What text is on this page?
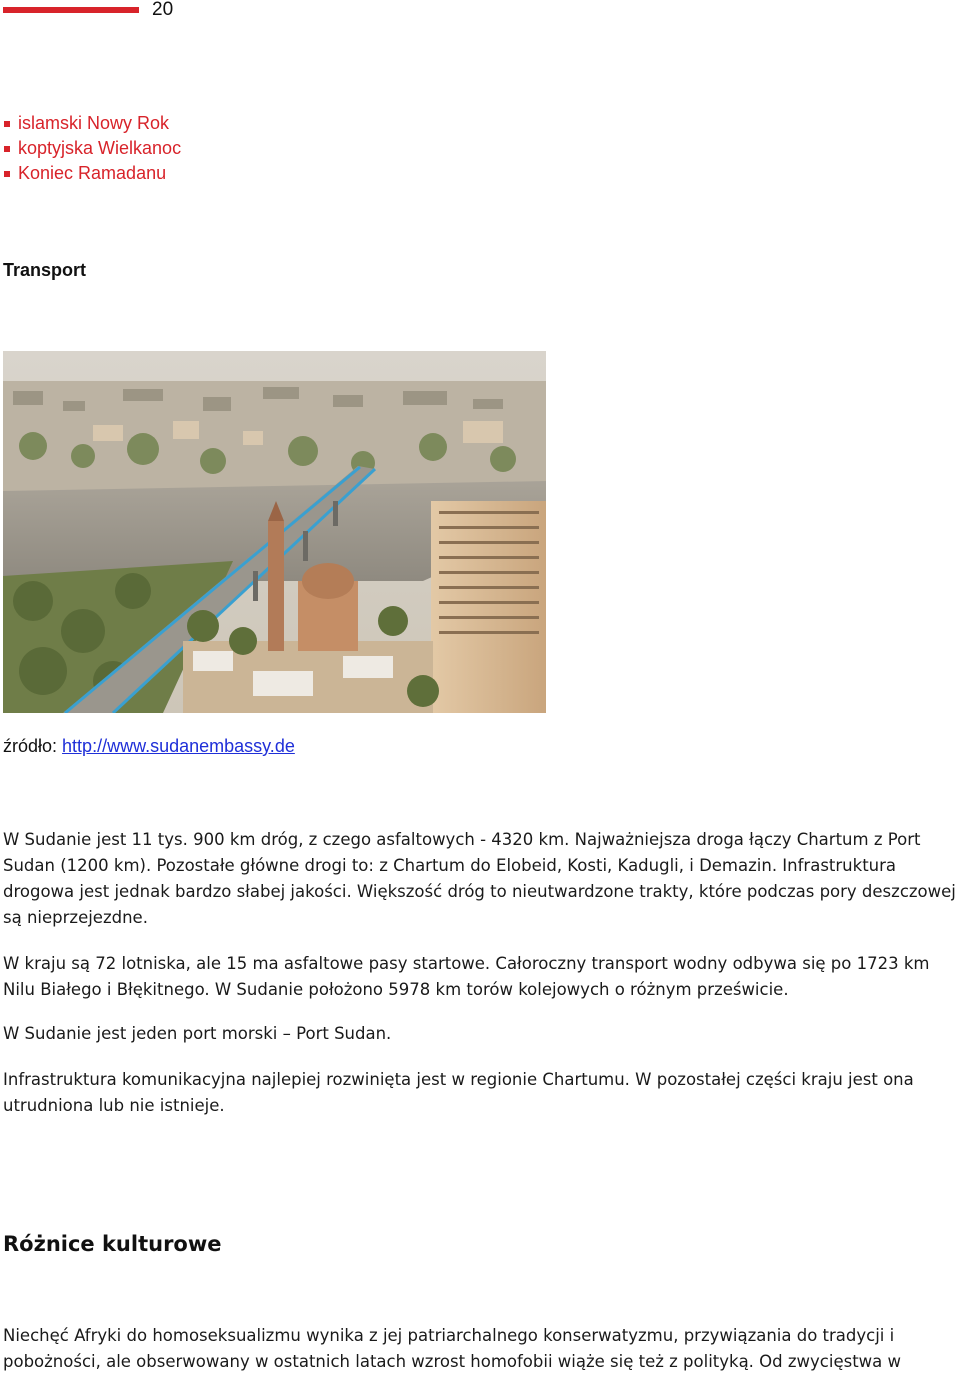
20
islamski Nowy Rok
koptyjska Wielkanoc
Koniec Ramadanu
Transport
źródło: http://www.sudanembassy.de

W Sudanie jest 11 tys. 900 km dróg, z czego asfaltowych - 4320 km. Najważniejsza droga łączy Chartum z Port Sudan (1200 km). Pozostałe główne drogi to: z Chartum do Elobeid, Kosti, Kadugli, i Demazin. Infrastruktura drogowa jest jednak bardzo słabej jakości. Większość dróg to nieutwardzone trakty, które podczas pory deszczowej są nieprzejezdne.

W kraju są 72 lotniska, ale 15 ma asfaltowe pasy startowe. Całoroczny transport wodny odbywa się po 1723 km Nilu Białego i Błękitnego. W Sudanie położono 5978 km torów kolejowych o różnym prześwicie.

W Sudanie jest jeden port morski – Port Sudan.

Infrastruktura komunikacyjna najlepiej rozwinięta jest w regionie Chartumu. W pozostałej części kraju jest ona utrudniona lub nie istnieje.

Różnice kulturowe

Niechęć Afryki do homoseksualizmu wynika z jej patriarchalnego konserwatyzmu, przywiązania do tradycji i pobożności, ale obserwowany w ostatnich latach wzrost homofobii wiąże się też z polityką. Od zwycięstwa w
